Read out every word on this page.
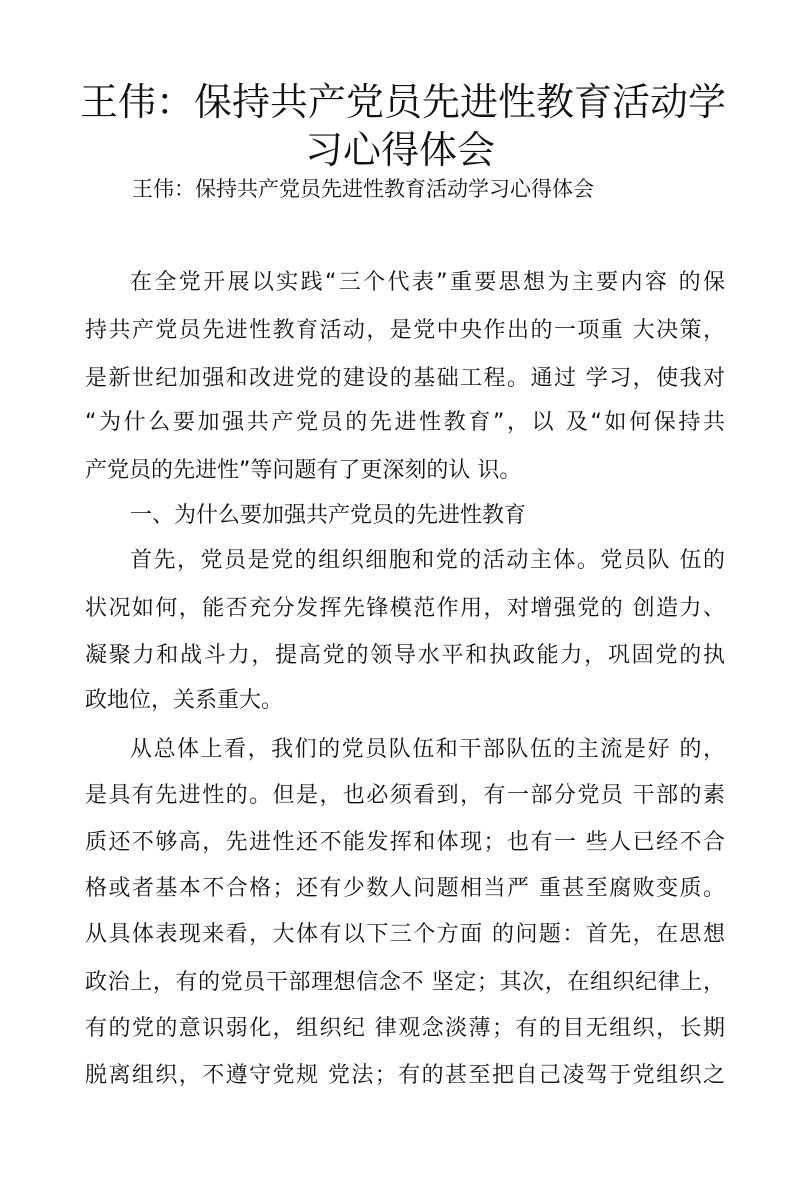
王伟：保持共产党员先进性教育活动学
习心得体会
王伟：保持共产党员先进性教育活动学习心得体会
在全党开展以实践“三个代表”重要思想为主要内容 的保
持共产党员先进性教育活动，是党中央作出的一项重 大决策，
是新世纪加强和改进党的建设的基础工程。通过 学习，使我对
“为什么要加强共产党员的先进性教育”，以 及“如何保持共
产党员的先进性”等问题有了更深刻的认 识。
一、为什么要加强共产党员的先进性教育
首先，党员是党的组织细胞和党的活动主体。党员队 伍的
状况如何，能否充分发挥先锋模范作用，对增强党的 创造力、
凝聚力和战斗力，提高党的领导水平和执政能力，巩固党的执
政地位，关系重大。
从总体上看，我们的党员队伍和干部队伍的主流是好 的，
是具有先进性的。但是，也必须看到，有一部分党员 干部的素
质还不够高，先进性还不能发挥和体现；也有一 些人已经不合
格或者基本不合格；还有少数人问题相当严 重甚至腐败变质。
从具体表现来看，大体有以下三个方面 的问题：首先，在思想
政治上，有的党员干部理想信念不 坚定；其次，在组织纪律上，
有的党的意识弱化，组织纪 律观念淡薄；有的目无组织，长期
脱离组织，不遵守党规 党法；有的甚至把自己凌驾于党组织之
